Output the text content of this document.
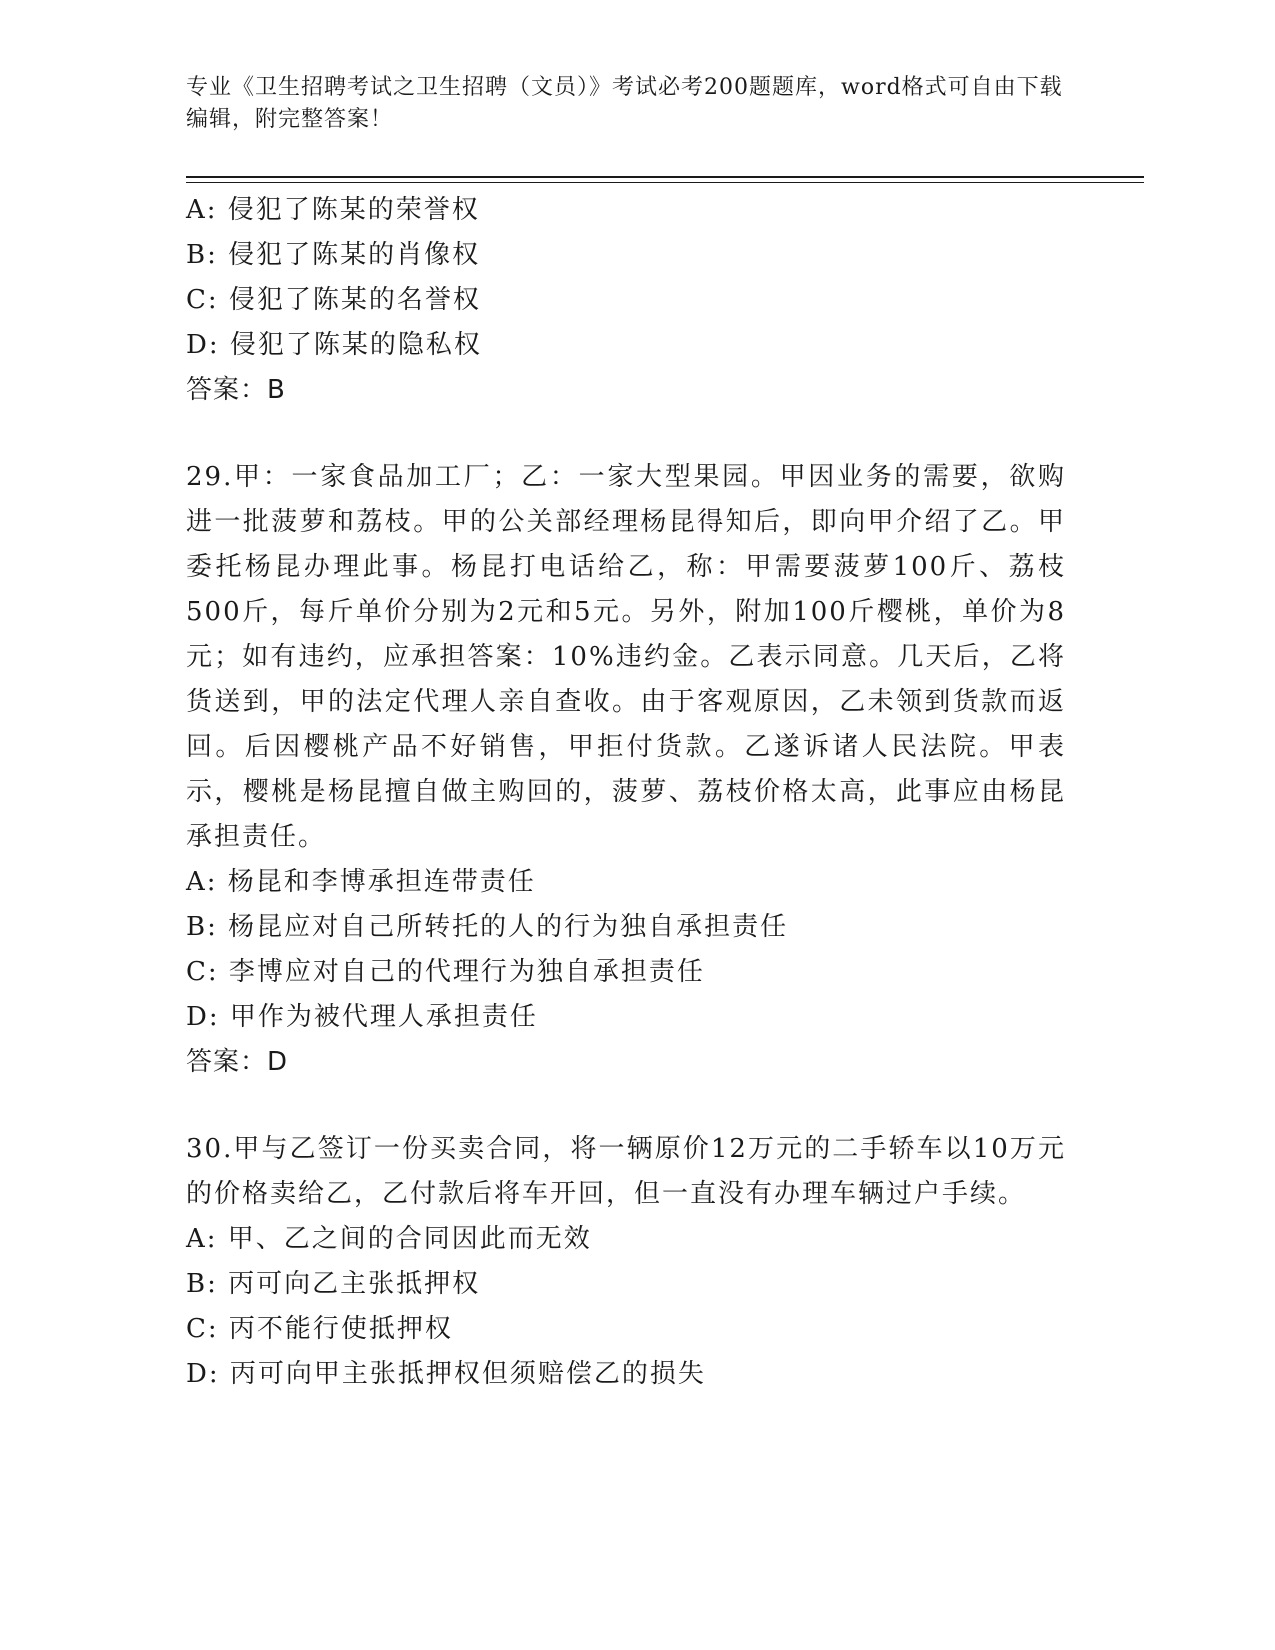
专业《卫生招聘考试之卫生招聘（文员）》考试必考200题题库，word格式可自由下载编辑，附完整答案！
A: 侵犯了陈某的荣誉权
B: 侵犯了陈某的肖像权
C: 侵犯了陈某的名誉权
D: 侵犯了陈某的隐私权
答案：B
29.甲：一家食品加工厂；乙：一家大型果园。甲因业务的需要，欲购进一批菠萝和荔枝。甲的公关部经理杨昆得知后，即向甲介绍了乙。甲委托杨昆办理此事。杨昆打电话给乙，称：甲需要菠萝100斤、荔枝500斤，每斤单价分别为2元和5元。另外，附加100斤樱桃，单价为8元；如有违约，应承担答案：10%违约金。乙表示同意。几天后，乙将货送到，甲的法定代理人亲自查收。由于客观原因，乙未领到货款而返回。后因樱桃产品不好销售，甲拒付货款。乙遂诉诸人民法院。甲表示，樱桃是杨昆擅自做主购回的，菠萝、荔枝价格太高，此事应由杨昆承担责任。
A: 杨昆和李博承担连带责任
B: 杨昆应对自己所转托的人的行为独自承担责任
C: 李博应对自己的代理行为独自承担责任
D: 甲作为被代理人承担责任
答案：D
30.甲与乙签订一份买卖合同，将一辆原价12万元的二手轿车以10万元的价格卖给乙，乙付款后将车开回，但一直没有办理车辆过户手续。
A: 甲、乙之间的合同因此而无效
B: 丙可向乙主张抵押权
C: 丙不能行使抵押权
D: 丙可向甲主张抵押权但须赔偿乙的损失
